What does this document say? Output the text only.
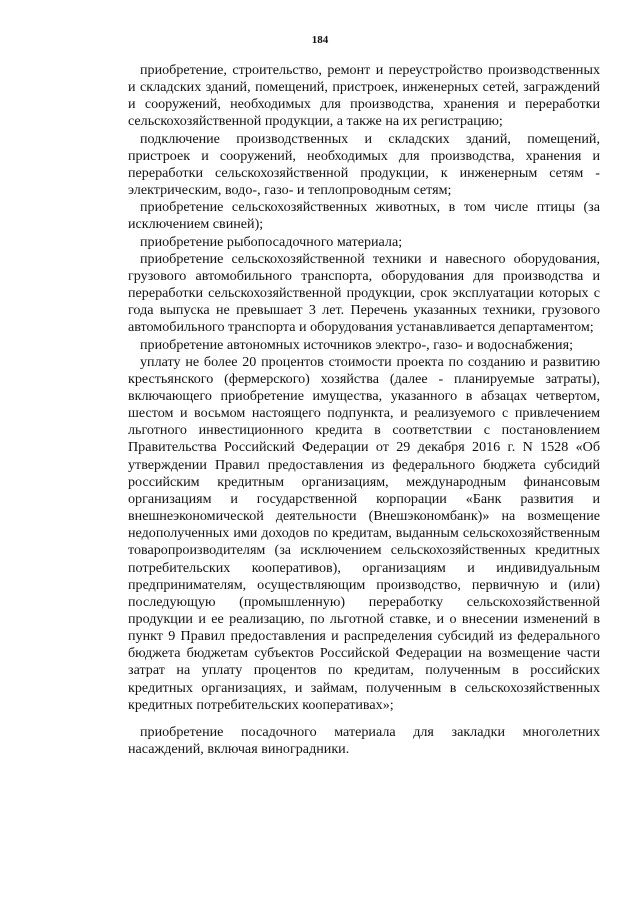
184

приобретение, строительство, ремонт и переустройство производственных и складских зданий, помещений, пристроек, инженерных сетей, заграждений и сооружений, необходимых для производства, хранения и переработки сельскохозяйственной продукции, а также на их регистрацию;

подключение производственных и складских зданий, помещений, пристроек и сооружений, необходимых для производства, хранения и переработки сельскохозяйственной продукции, к инженерным сетям - электрическим, водо-, газо- и теплопроводным сетям;

приобретение сельскохозяйственных животных, в том числе птицы (за исключением свиней);

приобретение рыбопосадочного материала;

приобретение сельскохозяйственной техники и навесного оборудования, грузового автомобильного транспорта, оборудования для производства и переработки сельскохозяйственной продукции, срок эксплуатации которых с года выпуска не превышает 3 лет. Перечень указанных техники, грузового автомобильного транспорта и оборудования устанавливается департаментом;

приобретение автономных источников электро-, газо- и водоснабжения;

уплату не более 20 процентов стоимости проекта по созданию и развитию крестьянского (фермерского) хозяйства (далее - планируемые затраты), включающего приобретение имущества, указанного в абзацах четвертом, шестом и восьмом настоящего подпункта, и реализуемого с привлечением льготного инвестиционного кредита в соответствии с постановлением Правительства Российский Федерации от 29 декабря 2016 г. N 1528 «Об утверждении Правил предоставления из федерального бюджета субсидий российским кредитным организациям, международным финансовым организациям и государственной корпорации «Банк развития и внешнеэкономической деятельности (Внешэкономбанк)» на возмещение недополученных ими доходов по кредитам, выданным сельскохозяйственным товаропроизводителям (за исключением сельскохозяйственных кредитных потребительских кооперативов), организациям и индивидуальным предпринимателям, осуществляющим производство, первичную и (или) последующую (промышленную) переработку сельскохозяйственной продукции и ее реализацию, по льготной ставке, и о внесении изменений в пункт 9 Правил предоставления и распределения субсидий из федерального бюджета бюджетам субъектов Российской Федерации на возмещение части затрат на уплату процентов по кредитам, полученным в российских кредитных организациях, и займам, полученным в сельскохозяйственных кредитных потребительских кооперативах»;

приобретение посадочного материала для закладки многолетних насаждений, включая виноградники.
